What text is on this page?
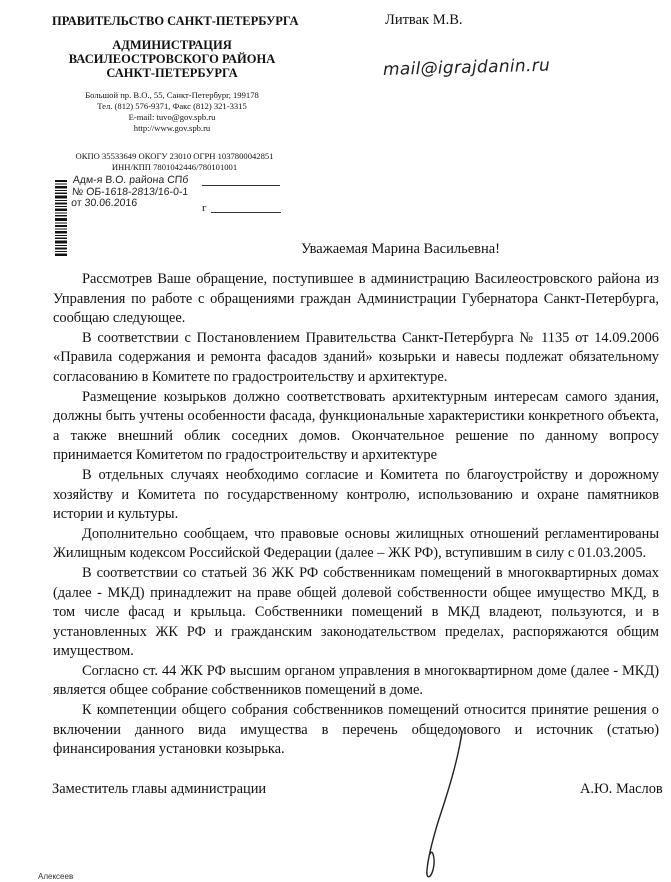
ПРАВИТЕЛЬСТВО САНКТ-ПЕТЕРБУРГА
АДМИНИСТРАЦИЯ
ВАСИЛЕОСТРОВСКОГО РАЙОНА
САНКТ-ПЕТЕРБУРГА
Большой пр. В.О., 55, Санкт-Петербург, 199178
Тел. (812) 576-9371, Факс (812) 321-3315
E-mail: tuvo@gov.spb.ru
http://www.gov.spb.ru
ОКПО 35533649 ОКОГУ 23010 ОГРН 1037800042851
ИНН/КПП 7801042446/780101001
Адм-я В.О. района СПб
№ ОБ-1618-2813/16-0-1
от 30.06.2016	г
Литвак М.В.
mail@igrajdanin.ru
Уважаемая Марина Васильевна!

Рассмотрев Ваше обращение, поступившее в администрацию Василеостровского района из Управления по работе с обращениями граждан Администрации Губернатора Санкт-Петербурга, сообщаю следующее.

В соответствии с Постановлением Правительства Санкт-Петербурга № 1135 от 14.09.2006 «Правила содержания и ремонта фасадов зданий» козырьки и навесы подлежат обязательному согласованию в Комитете по градостроительству и архитектуре.

Размещение козырьков должно соответствовать архитектурным интересам самого здания, должны быть учтены особенности фасада, функциональные характеристики конкретного объекта, а также внешний облик соседних домов. Окончательное решение по данному вопросу принимается Комитетом по градостроительству и архитектуре

В отдельных случаях необходимо согласие и Комитета по благоустройству и дорожному хозяйству и Комитета по государственному контролю, использованию и охране памятников истории и культуры.

Дополнительно сообщаем, что правовые основы жилищных отношений регламентированы Жилищным кодексом Российской Федерации (далее – ЖК РФ), вступившим в силу с 01.03.2005.

В соответствии со статьей 36 ЖК РФ собственникам помещений в многоквартирных домах (далее - МКД) принадлежит на праве общей долевой собственности общее имущество МКД, в том числе фасад и крыльца. Собственники помещений в МКД владеют, пользуются, и в установленных ЖК РФ и гражданским законодательством пределах, распоряжаются общим имуществом.

Согласно ст. 44 ЖК РФ высшим органом управления в многоквартирном доме (далее - МКД) является общее собрание собственников помещений в доме.

К компетенции общего собрания собственников помещений относится принятие решения о включении данного вида имущества в перечень общедомового и источник (статью) финансирования установки козырька.

Заместитель главы администрации	А.Ю. Маслов
Алексеев
